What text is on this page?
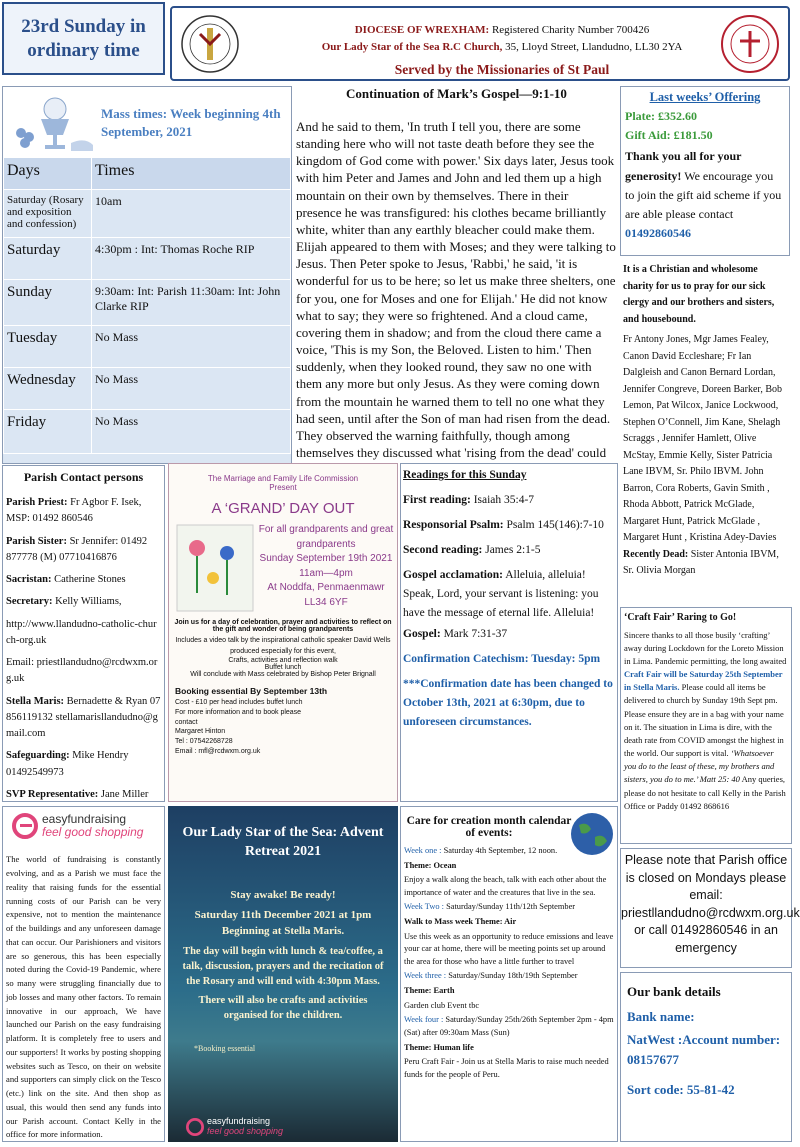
23rd Sunday in ordinary time
DIOCESE OF WREXHAM: Registered Charity Number 700426
Our Lady Star of the Sea R.C Church, 35, Lloyd Street, Llandudno, LL30 2YA
Served by the Missionaries of St Paul
Mass times: Week beginning 4th September, 2021
Days	Times
Saturday (Rosary and exposition and confession)	10am
Saturday	4:30pm : Int: Thomas Roche RIP
Sunday	9:30am: Int: Parish 11:30am: Int: John Clarke RIP
Tuesday	No Mass
Wednesday	No Mass
Friday	No Mass
Continuation of Mark’s Gospel—9:1-10

And he said to them, 'In truth I tell you, there are some standing here who will not taste death before they see the kingdom of God come with power.' Six days later, Jesus took with him Peter and James and John and led them up a high mountain on their own by themselves. There in their presence he was transfigured: his clothes became brilliantly white, whiter than any earthly bleacher could make them. Elijah appeared to them with Moses; and they were talking to Jesus. Then Peter spoke to Jesus, 'Rabbi,' he said, 'it is wonderful for us to be here; so let us make three shelters, one for you, one for Moses and one for Elijah.' He did not know what to say; they were so frightened. And a cloud came, covering them in shadow; and from the cloud there came a voice, 'This is my Son, the Beloved. Listen to him.' Then suddenly, when they looked round, they saw no one with them any more but only Jesus. As they were coming down from the mountain he warned them to tell no one what they had seen, until after the Son of man had risen from the dead. They observed the warning faithfully, though among themselves they discussed what 'rising from the dead' could

Last weeks’ Offering

Plate: £352.60

Gift Aid: £181.50

Thank you all for your generosity! We encourage you to join the gift aid scheme if you are able please contact

01492860546

It is a Christian and wholesome charity for us to pray for our sick clergy and our brothers and sisters, and housebound.

Fr Antony Jones, Mgr James Fealey, Canon David Eccleshare; Fr Ian Dalgleish and Canon Bernard Lordan, Jennifer Congreve, Doreen Barker, Bob Lemon, Pat Wilcox, Janice Lockwood, Stephen O’Connell, Jim Kane, Shelagh Scraggs , Jennifer Hamlett, Olive McStay, Emmie Kelly, Sister Patricia Lane IBVM, Sr. Philo IBVM. John Barron, Cora Roberts, Gavin Smith , Rhoda Abbott, Patrick McGlade, Margaret Hunt, Patrick McGlade , Margaret Hunt , Kristina Adey-Davies Recently Dead: Sister Antonia IBVM, Sr. Olivia Morgan

Parish Contact persons

Parish Priest: Fr Agbor F. Isek, MSP: 01492 860546

Parish Sister: Sr Jennifer: 01492 877778 (M) 07710416876

Sacristan: Catherine Stones

Secretary: Kelly Williams,

http://www.llandudno-catholic-church-org.uk

Email: priestllandudno@rcdwxm.org.uk

Stella Maris: Bernadette & Ryan 07856119132 stellamarisllandudno@gmail.com

Safeguarding: Mike Hendry 01492549973

SVP Representative: Jane Miller

The Marriage and Family Life Commission
Present
A ‘GRAND’ DAY OUT
For all grandparents and great grandparents
Sunday September 19th 2021
11am—4pm
At Noddfa, Penmaenmawr LL34 6YF
Join us for a day of celebration, prayer and activities to reflect on the gift and wonder of being grandparents
Includes a video talk by the inspirational catholic speaker David Wells produced especially for this event,
Crafts, activities and reflection walk
Buffet lunch
Will conclude with Mass celebrated by Bishop Peter Brignall
Booking essential By September 13th
Cost - £10 per head includes buffet lunch
For more information and to book please contact
Margaret Hinton
Tel : 07542268728
Email : mfl@rcdwxm.org.uk

Readings for this Sunday

First reading: Isaiah 35:4-7

Responsorial Psalm: Psalm 145(146):7-10

Second reading: James 2:1-5

Gospel acclamation: Alleluia, alleluia! Speak, Lord, your servant is listening: you have the message of eternal life. Alleluia!

Gospel: Mark 7:31-37

Confirmation Catechism: Tuesday: 5pm

***Confirmation date has been changed to October 13th, 2021 at 6:30pm, due to unforeseen circumstances.

‘Craft Fair’ Raring to Go!

Sincere thanks to all those busily ‘crafting’ away during Lockdown for the Loreto Mission in Lima. Pandemic permitting, the long awaited Craft Fair will be Saturday 25th September in Stella Maris. Please could all items be delivered to church by Sunday 19th Sept pm. Please ensure they are in a bag with your name on it. The situation in Lima is dire, with the death rate from COVID amongst the highest in the world. Our support is vital. ‘Whatsoever you do to the least of these, my brothers and sisters, you do to me.’ Matt 25: 40 Any queries, please do not hesitate to call Kelly in the Parish Office or Paddy 01492 868616

Please note that Parish office is closed on Mondays please email: priestllandudno@rcdwxm.org.uk or call 01492860546 in an emergency

Our bank details

Bank name:

NatWest :Account number: 08157677

Sort code: 55-81-42

easyfundraising
feel good shopping

The world of fundraising is constantly evolving, and as a Parish we must face the reality that raising funds for the essential running costs of our Parish can be very expensive, not to mention the maintenance of the buildings and any unforeseen damage that can occur. Our Parishioners and visitors are so generous, this has been especially noted during the Covid-19 Pandemic, where so many were struggling financially due to job losses and many other factors. To remain innovative in our approach, We have launched our Parish on the easy fundraising platform. It is completely free to users and our supporters! It works by posting shopping websites such as Tesco, on their on website and supporters can simply click on the Tesco (etc.) link on the site. And then shop as usual, this would then send any funds into our Parish account. Contact Kelly in the office for more information.

Our Lady Star of the Sea: Advent Retreat 2021
Stay awake! Be ready!
Saturday 11th December 2021 at 1pm Beginning at Stella Maris.
The day will begin with lunch & tea/coffee, a talk, discussion, prayers and the recitation of the Rosary and will end with 4:30pm Mass.
There will also be crafts and activities organised for the children.
*Booking essential
easyfundraising
feel good shopping
Care for creation month calendar of events:

Week one : Saturday 4th September, 12 noon.

Theme: Ocean

Enjoy a walk along the beach, talk with each other about the importance of water and the creatures that live in the sea.

Week Two : Saturday/Sunday 11th/12th September

Walk to Mass week Theme: Air

Use this week as an opportunity to reduce emissions and leave your car at home, there will be meeting points set up around the area for those who have a little further to travel

Week three : Saturday/Sunday 18th/19th September

Theme: Earth

Garden club Event tbc

Week four : Saturday/Sunday 25th/26th September 2pm - 4pm (Sat) after 09:30am Mass (Sun)

Theme: Human life

Peru Craft Fair - Join us at Stella Maris to raise much needed funds for the people of Peru.
